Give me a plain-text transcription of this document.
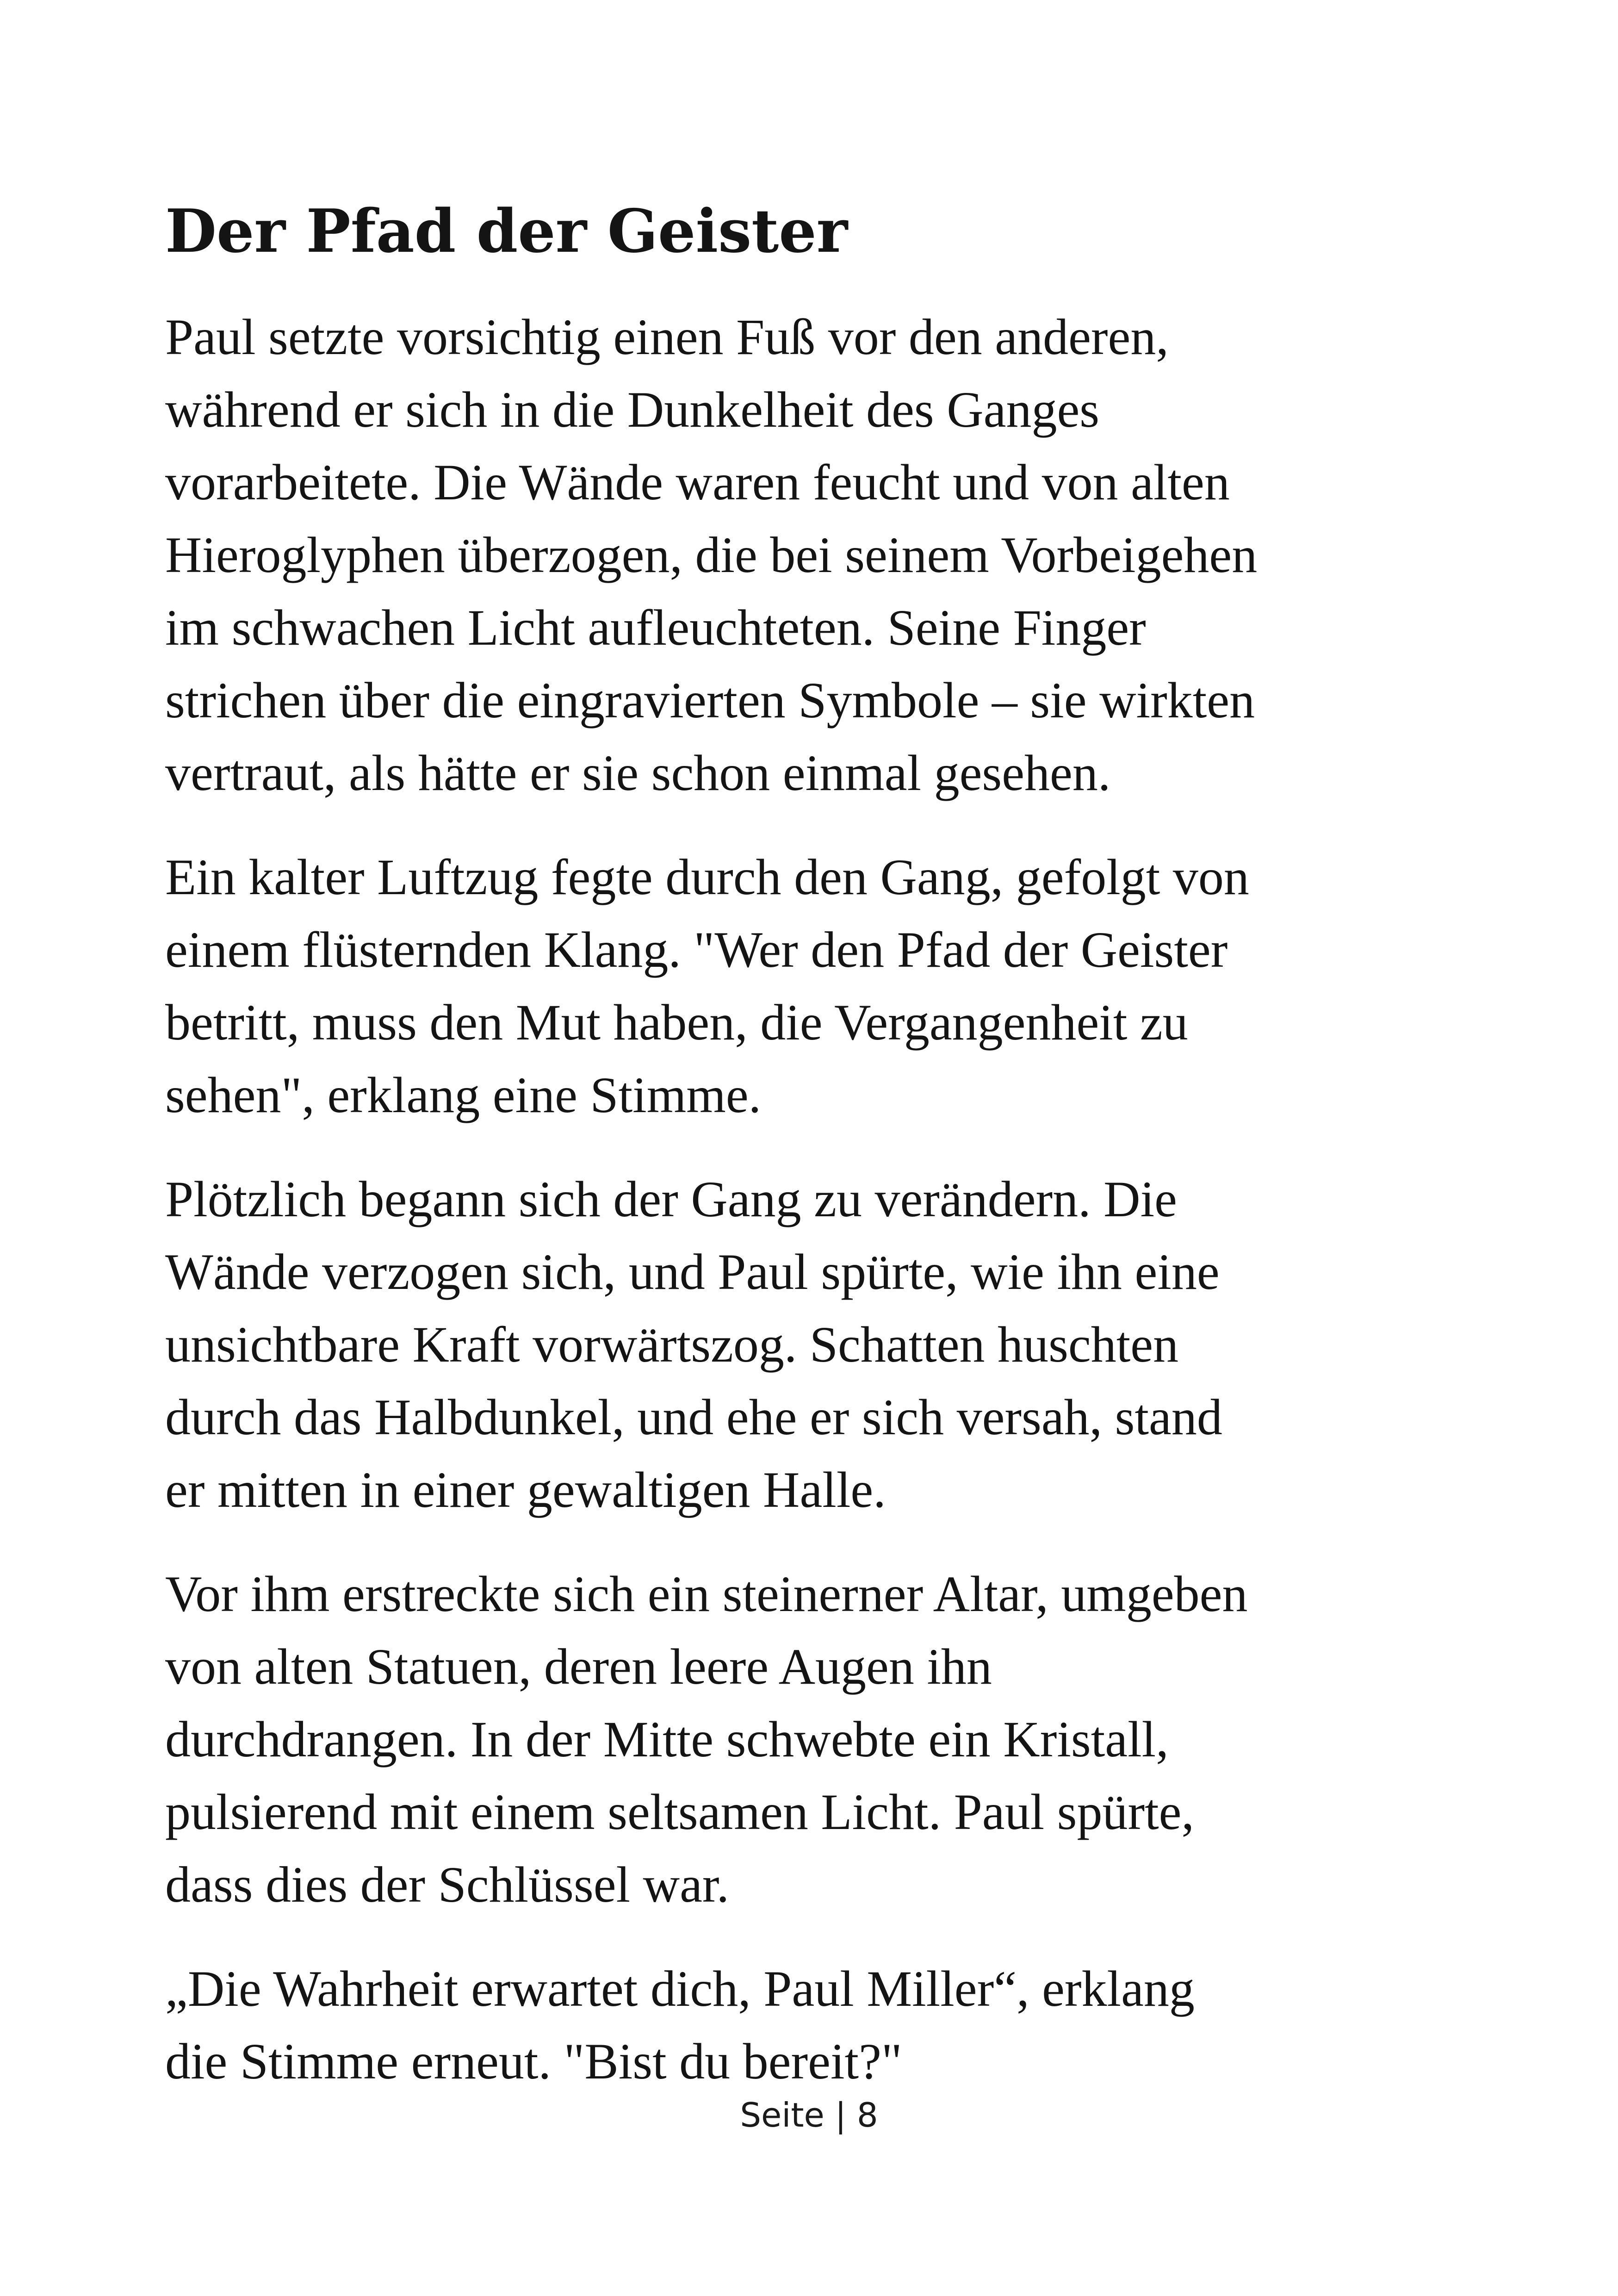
Der Pfad der Geister

Paul setzte vorsichtig einen Fuß vor den anderen,
während er sich in die Dunkelheit des Ganges
vorarbeitete. Die Wände waren feucht und von alten
Hieroglyphen überzogen, die bei seinem Vorbeigehen
im schwachen Licht aufleuchteten. Seine Finger
strichen über die eingravierten Symbole – sie wirkten
vertraut, als hätte er sie schon einmal gesehen.

Ein kalter Luftzug fegte durch den Gang, gefolgt von
einem flüsternden Klang. "Wer den Pfad der Geister
betritt, muss den Mut haben, die Vergangenheit zu
sehen", erklang eine Stimme.

Plötzlich begann sich der Gang zu verändern. Die
Wände verzogen sich, und Paul spürte, wie ihn eine
unsichtbare Kraft vorwärtszog. Schatten huschten
durch das Halbdunkel, und ehe er sich versah, stand
er mitten in einer gewaltigen Halle.

Vor ihm erstreckte sich ein steinerner Altar, umgeben
von alten Statuen, deren leere Augen ihn
durchdrangen. In der Mitte schwebte ein Kristall,
pulsierend mit einem seltsamen Licht. Paul spürte,
dass dies der Schlüssel war.

„Die Wahrheit erwartet dich, Paul Miller“, erklang
die Stimme erneut. "Bist du bereit?"

Seite | 8
